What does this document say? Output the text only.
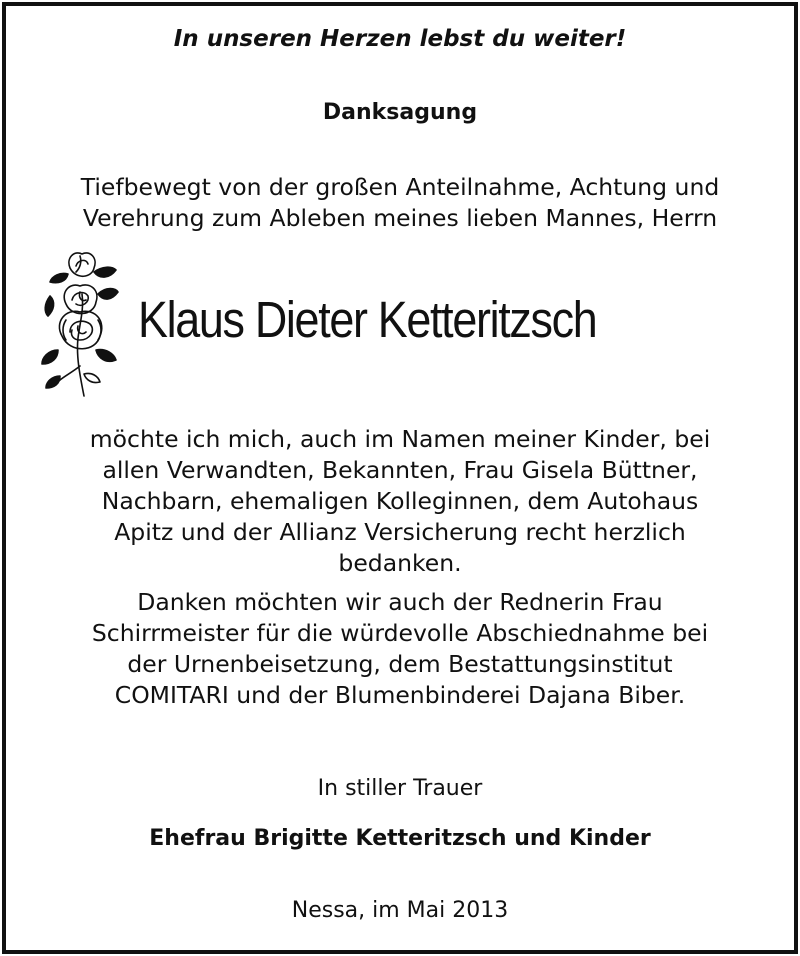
In unseren Herzen lebst du weiter!

Danksagung

Tiefbewegt von der großen Anteilnahme, Achtung und
Verehrung zum Ableben meines lieben Mannes, Herrn
Klaus Dieter Ketteritzsch
möchte ich mich, auch im Namen meiner Kinder, bei
allen Verwandten, Bekannten, Frau Gisela Büttner,
Nachbarn, ehemaligen Kolleginnen, dem Autohaus
Apitz und der Allianz Versicherung recht herzlich
bedanken.
Danken möchten wir auch der Rednerin Frau
Schirrmeister für die würdevolle Abschiednahme bei
der Urnenbeisetzung, dem Bestattungsinstitut
COMITARI und der Blumenbinderei Dajana Biber.

In stiller Trauer

Ehefrau Brigitte Ketteritzsch und Kinder

Nessa, im Mai 2013
